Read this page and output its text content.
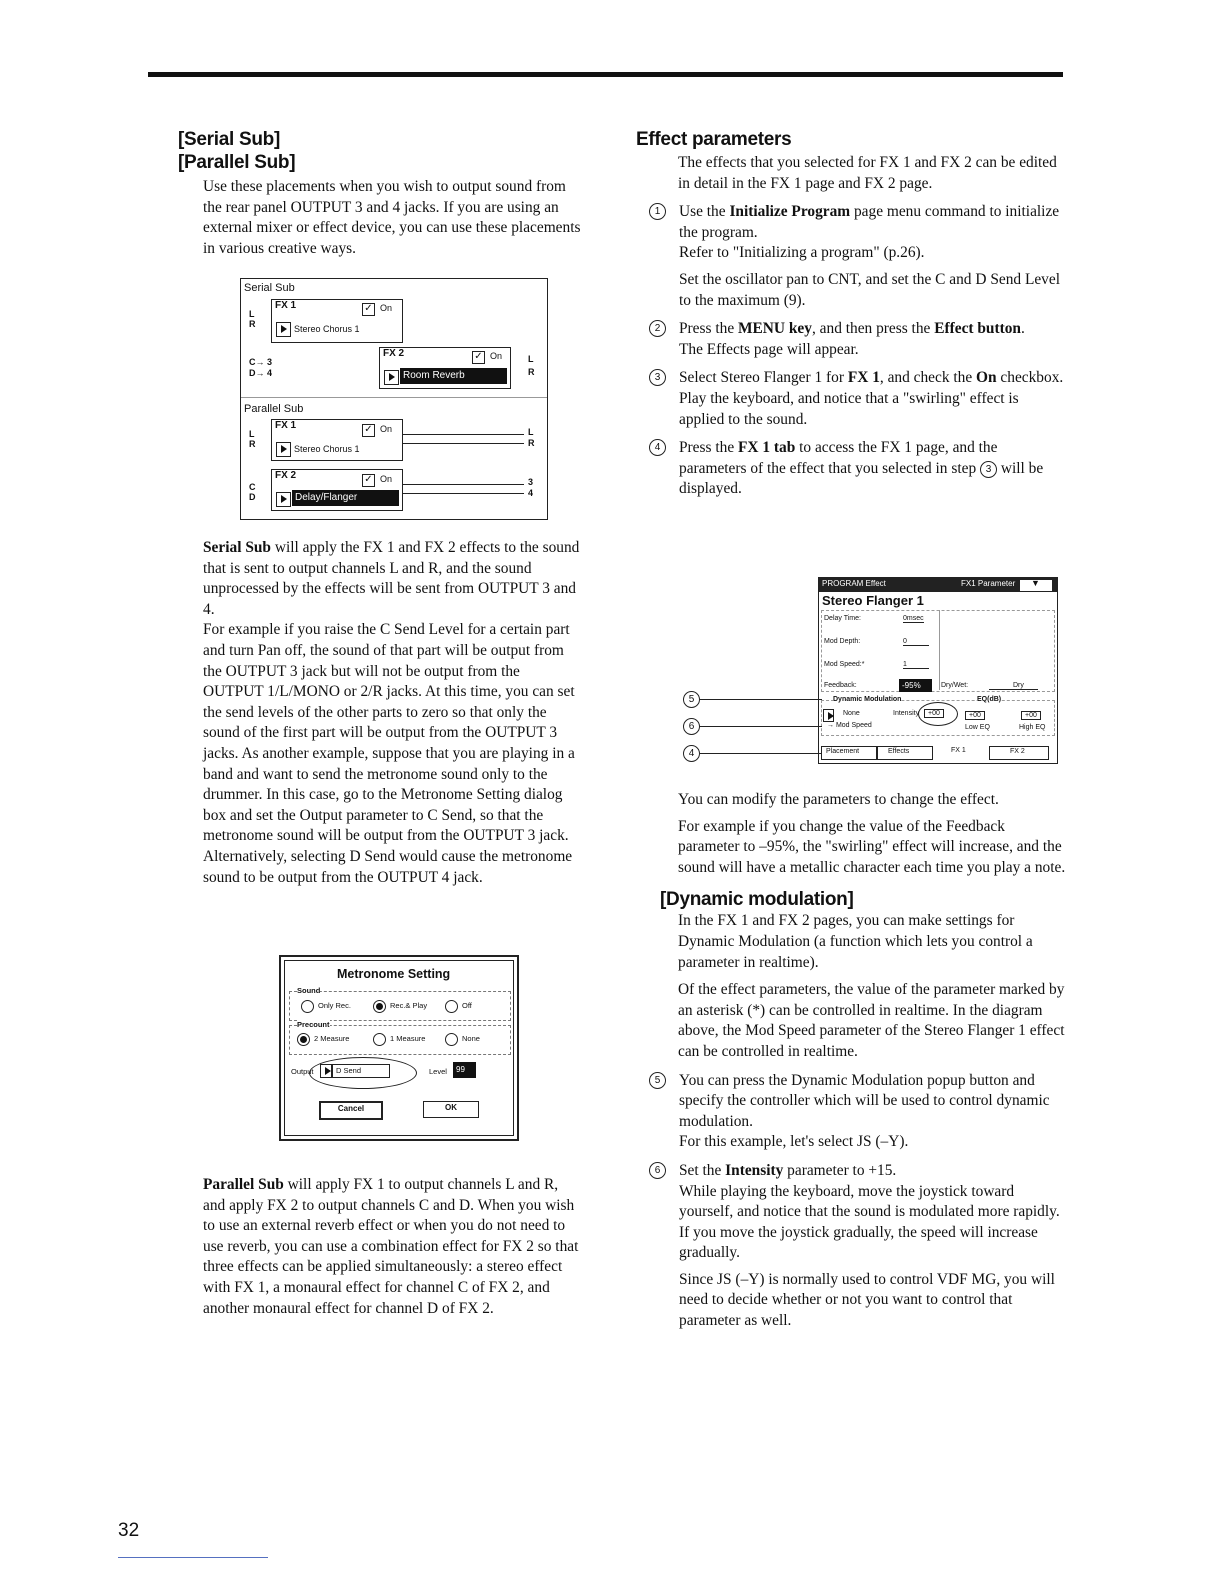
[Serial Sub]
[Parallel Sub]

Use these placements when you wish to output sound from the rear panel OUTPUT 3 and 4 jacks. If you are using an external mixer or effect device, you can use these placements in various creative ways.

Serial Sub
L
R
FX 1	✓ On
Stereo Chorus 1
C→ 3
D→ 4
FX 2	✓ On
Room Reverb
L
R
Parallel Sub
L
R
FX 1	✓ On
Stereo Chorus 1
L
R
C
D
FX 2	✓ On
Delay/Flanger
3
4

Serial Sub will apply the FX 1 and FX 2 effects to the sound that is sent to output channels L and R, and the sound unprocessed by the effects will be sent from OUTPUT 3 and 4.

For example if you raise the C Send Level for a certain part and turn Pan off, the sound of that part will be output from the OUTPUT 3 jack but will not be output from the OUTPUT 1/L/MONO or 2/R jacks. At this time, you can set the send levels of the other parts to zero so that only the sound of the first part will be output from the OUTPUT 3 jacks. As another example, suppose that you are playing in a band and want to send the metronome sound only to the drummer. In this case, go to the Metronome Setting dialog box and set the Output parameter to C Send, so that the metronome sound will be output from the OUTPUT 3 jack. Alternatively, selecting D Send would cause the metronome sound to be output from the OUTPUT 4 jack.

Metronome Setting
Sound
Only Rec.	Rec.& Play	Off
Precount
2 Measure	1 Measure	None
Output	D Send	Level	99
Cancel	OK

Parallel Sub will apply FX 1 to output channels L and R, and apply FX 2 to output channels C and D. When you wish to use an external reverb effect or when you do not need to use reverb, you can use a combination effect for FX 2 so that three effects can be applied simultaneously: a stereo effect with FX 1, a monaural effect for channel C of FX 2, and another monaural effect for channel D of FX 2.

Effect parameters

The effects that you selected for FX 1 and FX 2 can be edited in detail in the FX 1 page and FX 2 page.

1	Use the Initialize Program page menu command to initialize the program.

Refer to "Initializing a program" (p.26).

Set the oscillator pan to CNT, and set the C and D Send Level to the maximum (9).

2	Press the MENU key, and then press the Effect button.

The Effects page will appear.

3	Select Stereo Flanger 1 for FX 1, and check the On checkbox.

Play the keyboard, and notice that a "swirling" effect is applied to the sound.

4	Press the FX 1 tab to access the FX 1 page, and the parameters of the effect that you selected in step 3 will be displayed.

PROGRAM Effect	FX1 Parameter ▼
Stereo Flanger 1
Delay Time:	0msec
Mod Depth:	0
Mod Speed:*	1
Feedback:	-95%	Dry/Wet:	Dry
Dynamic Modulation	EQ(dB)
None	Intensity	+00	+00	+00
→ Mod Speed	Low EQ	High EQ
Placement	Effects	FX 1	FX 2
5
6
4

You can modify the parameters to change the effect.

For example if you change the value of the Feedback parameter to –95%, the "swirling" effect will increase, and the sound will have a metallic character each time you play a note.

[Dynamic modulation]

In the FX 1 and FX 2 pages, you can make settings for Dynamic Modulation (a function which lets you control a parameter in realtime).

Of the effect parameters, the value of the parameter marked by an asterisk (*) can be controlled in realtime. In the diagram above, the Mod Speed parameter of the Stereo Flanger 1 effect can be controlled in realtime.

5	You can press the Dynamic Modulation popup button and specify the controller which will be used to control dynamic modulation.

For this example, let's select JS (–Y).

6	Set the Intensity parameter to +15.

While playing the keyboard, move the joystick toward yourself, and notice that the sound is modulated more rapidly. If you move the joystick gradually, the speed will increase gradually.

Since JS (–Y) is normally used to control VDF MG, you will need to decide whether or not you want to control that parameter as well.

32
